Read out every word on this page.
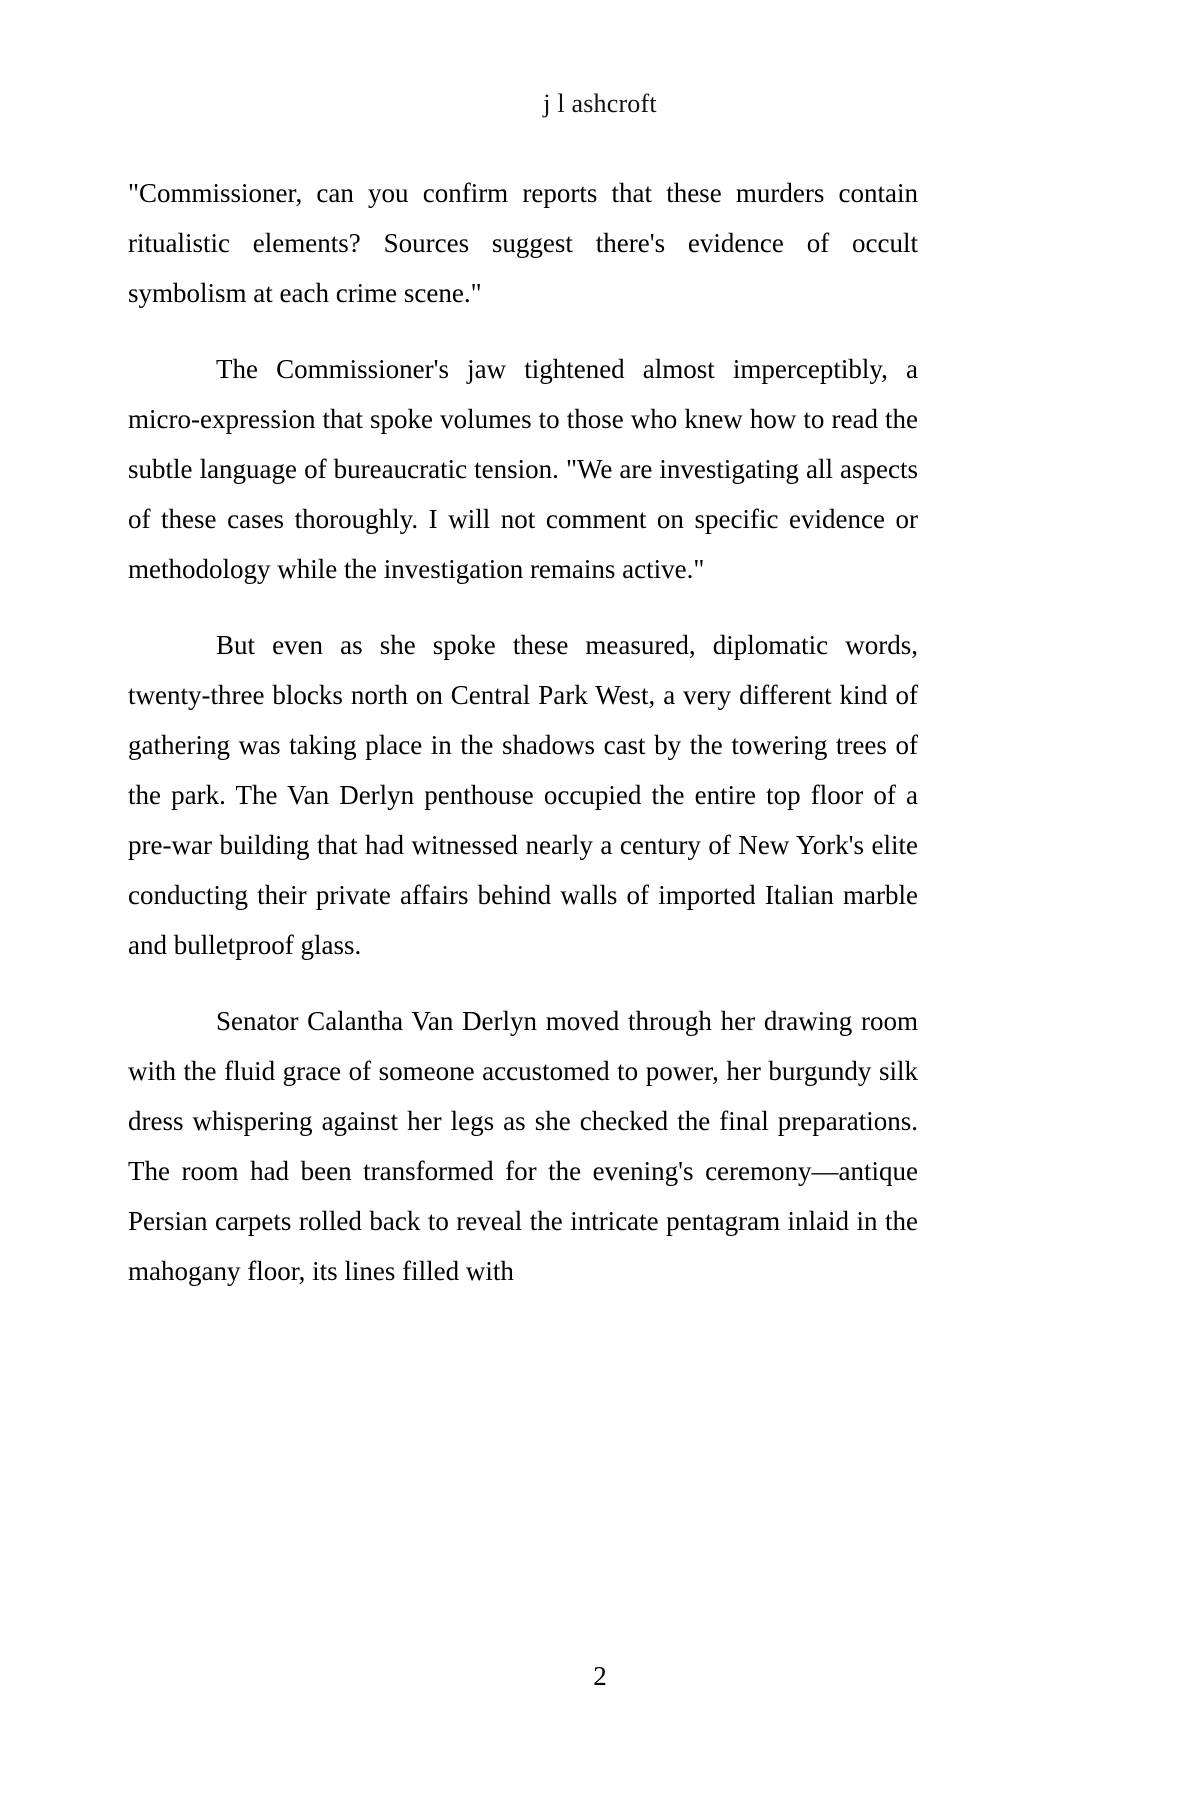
j l ashcroft

"Commissioner, can you confirm reports that these murders contain ritualistic elements? Sources suggest there's evidence of occult symbolism at each crime scene."

The Commissioner's jaw tightened almost imperceptibly, a micro-expression that spoke volumes to those who knew how to read the subtle language of bureaucratic tension. "We are investigating all aspects of these cases thoroughly. I will not comment on specific evidence or methodology while the investigation remains active."

But even as she spoke these measured, diplomatic words, twenty-three blocks north on Central Park West, a very different kind of gathering was taking place in the shadows cast by the towering trees of the park. The Van Derlyn penthouse occupied the entire top floor of a pre-war building that had witnessed nearly a century of New York's elite conducting their private affairs behind walls of imported Italian marble and bulletproof glass.

Senator Calantha Van Derlyn moved through her drawing room with the fluid grace of someone accustomed to power, her burgundy silk dress whispering against her legs as she checked the final preparations. The room had been transformed for the evening's ceremony—antique Persian carpets rolled back to reveal the intricate pentagram inlaid in the mahogany floor, its lines filled with

2
